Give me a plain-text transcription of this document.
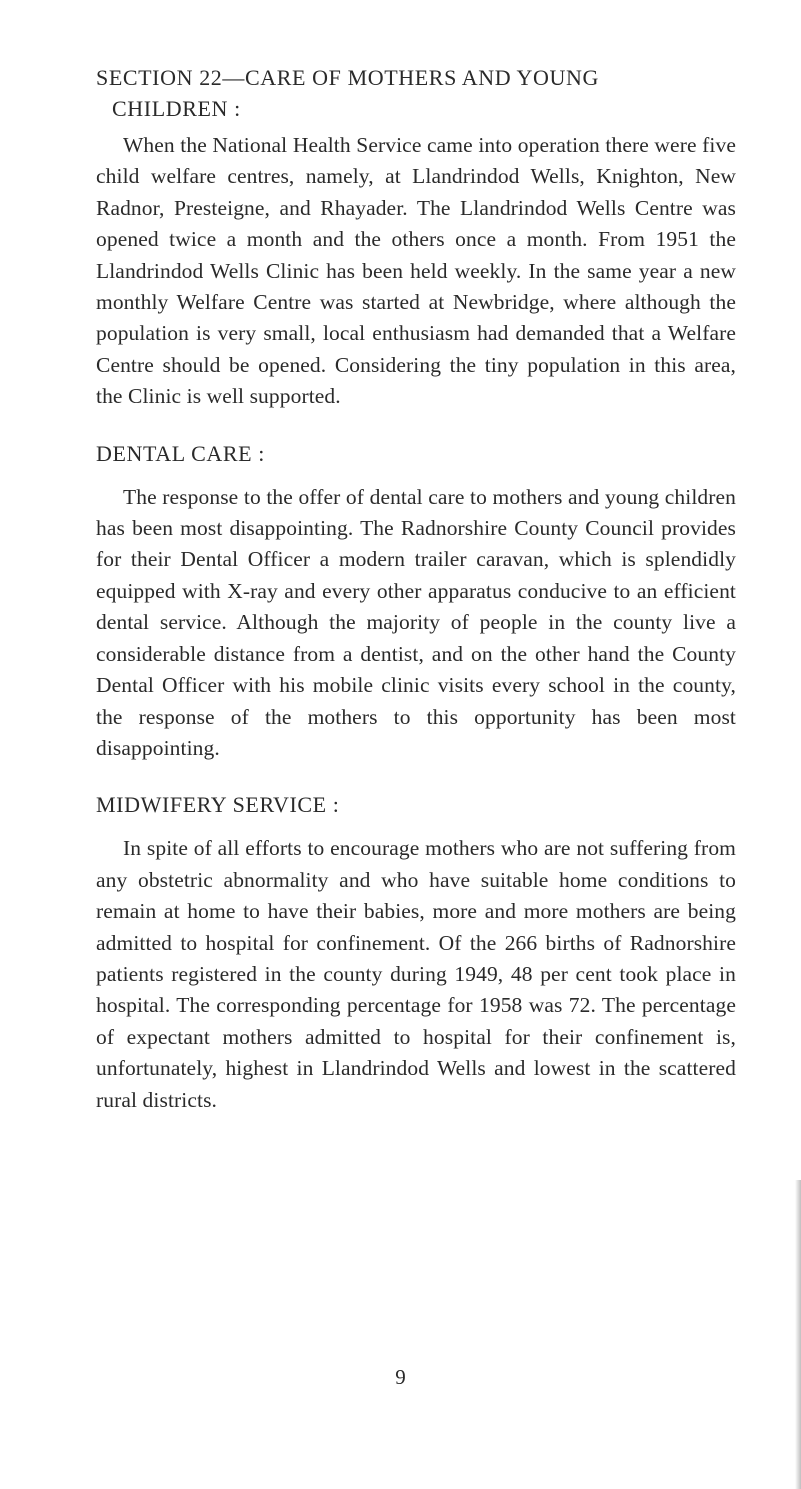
SECTION 22—CARE OF MOTHERS AND YOUNG
CHILDREN :

When the National Health Service came into operation there were five child welfare centres, namely, at Llandrindod Wells, Knighton, New Radnor, Presteigne, and Rhayader. The Llandrindod Wells Centre was opened twice a month and the others once a month. From 1951 the Llandrindod Wells Clinic has been held weekly. In the same year a new monthly Welfare Centre was started at Newbridge, where although the population is very small, local enthusiasm had demanded that a Welfare Centre should be opened. Considering the tiny population in this area, the Clinic is well supported.

DENTAL CARE :

The response to the offer of dental care to mothers and young children has been most disappointing. The Radnorshire County Council provides for their Dental Officer a modern trailer caravan, which is splendidly equipped with X-ray and every other apparatus conducive to an efficient dental service. Although the majority of people in the county live a considerable distance from a dentist, and on the other hand the County Dental Officer with his mobile clinic visits every school in the county, the response of the mothers to this opportunity has been most disappointing.

MIDWIFERY SERVICE :

In spite of all efforts to encourage mothers who are not suffering from any obstetric abnormality and who have suitable home conditions to remain at home to have their babies, more and more mothers are being admitted to hospital for confinement. Of the 266 births of Radnorshire patients registered in the county during 1949, 48 per cent took place in hospital. The corresponding percentage for 1958 was 72. The percentage of expectant mothers admitted to hospital for their confinement is, unfortunately, highest in Llandrindod Wells and lowest in the scattered rural districts.

9
